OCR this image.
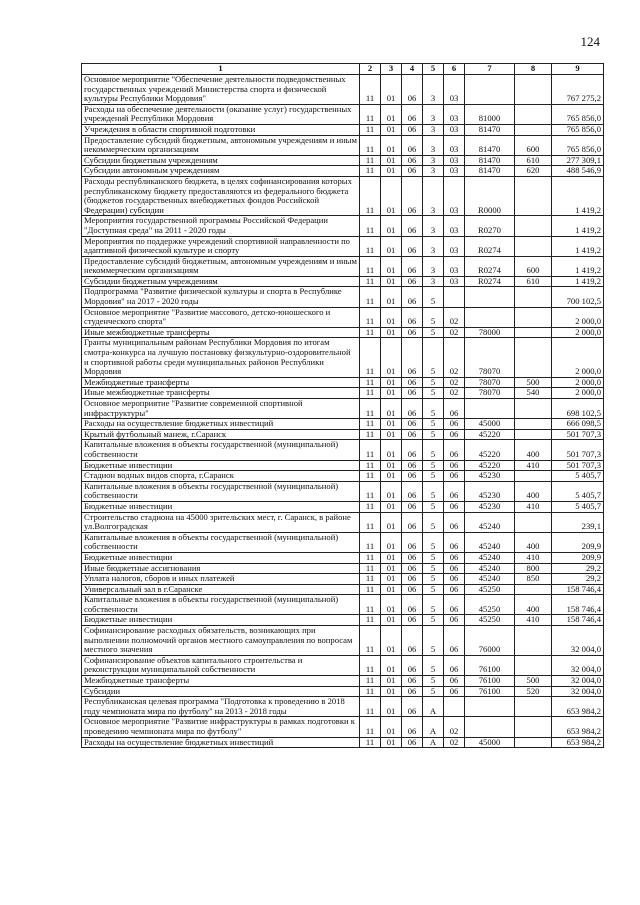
124
1	2	3	4	5	6	7	8	9
Основное мероприятие "Обеспечение деятельности подведомственных государственных учреждений Министерства спорта и физической культуры Республики Мордовия"	11	01	06	3	03			767 275,2
Расходы на обеспечение деятельности (оказание услуг) государственных учреждений Республики Мордовия	11	01	06	3	03	81000		765 856,0
Учреждения в области спортивной подготовки	11	01	06	3	03	81470		765 856,0
Предоставление субсидий бюджетным, автономным учреждениям и иным некоммерческим организациям	11	01	06	3	03	81470	600	765 856,0
Субсидии бюджетным учреждениям	11	01	06	3	03	81470	610	277 309,1
Субсидии автономным учреждениям	11	01	06	3	03	81470	620	488 546,9
Расходы республиканского бюджета, в целях софинансирования которых республиканскому бюджету предоставляются из федерального бюджета (бюджетов государственных внебюджетных фондов Российской Федерации) субсидии	11	01	06	3	03	R0000		1 419,2
Мероприятия государственной программы Российской Федерации "Доступная среда" на 2011 - 2020 годы	11	01	06	3	03	R0270		1 419,2
Мероприятия по поддержке учреждений спортивной направленности по адаптивной физической культуре и спорту	11	01	06	3	03	R0274		1 419,2
Предоставление субсидий бюджетным, автономным учреждениям и иным некоммерческим организациям	11	01	06	3	03	R0274	600	1 419,2
Субсидии бюджетным учреждениям	11	01	06	3	03	R0274	610	1 419,2
Подпрограмма "Развитие физической культуры и спорта в Республике Мордовия" на 2017 - 2020 годы	11	01	06	5				700 102,5
Основное мероприятие "Развитие массового, детско-юношеского и студенческого спорта"	11	01	06	5	02			2 000,0
Иные межбюджетные трансферты	11	01	06	5	02	78000		2 000,0
Гранты муниципальным районам Республики Мордовия по итогам смотра-конкурса на лучшую постановку физкультурно-оздоровительной и спортивной работы среди муниципальных районов Республики Мордовия	11	01	06	5	02	78070		2 000,0
Межбюджетные трансферты	11	01	06	5	02	78070	500	2 000,0
Иные межбюджетные трансферты	11	01	06	5	02	78070	540	2 000,0
Основное мероприятие "Развитие современной спортивной инфраструктуры"	11	01	06	5	06			698 102,5
Расходы на осуществление бюджетных инвестиций	11	01	06	5	06	45000		666 098,5
Крытый футбольный манеж, г.Саранск	11	01	06	5	06	45220		501 707,3
Капитальные вложения в объекты государственной (муниципальной) собственности	11	01	06	5	06	45220	400	501 707,3
Бюджетные инвестиции	11	01	06	5	06	45220	410	501 707,3
Стадион водных видов спорта, г.Саранск	11	01	06	5	06	45230		5 405,7
Капитальные вложения в объекты государственной (муниципальной) собственности	11	01	06	5	06	45230	400	5 405,7
Бюджетные инвестиции	11	01	06	5	06	45230	410	5 405,7
Строительство стадиона на 45000 зрительских мест, г. Саранск, в районе ул.Волгоградская	11	01	06	5	06	45240		239,1
Капитальные вложения в объекты государственной (муниципальной) собственности	11	01	06	5	06	45240	400	209,9
Бюджетные инвестиции	11	01	06	5	06	45240	410	209,9
Иные бюджетные ассигнования	11	01	06	5	06	45240	800	29,2
Уплата налогов, сборов и иных платежей	11	01	06	5	06	45240	850	29,2
Универсальный зал в г.Саранске	11	01	06	5	06	45250		158 746,4
Капитальные вложения в объекты государственной (муниципальной) собственности	11	01	06	5	06	45250	400	158 746,4
Бюджетные инвестиции	11	01	06	5	06	45250	410	158 746,4
Софинансирование расходных обязательств, возникающих при выполнении полномочий органов местного самоуправления по вопросам местного значения	11	01	06	5	06	76000		32 004,0
Софинансирование объектов капитального строительства и реконструкции муниципальной собственности	11	01	06	5	06	76100		32 004,0
Межбюджетные трансферты	11	01	06	5	06	76100	500	32 004,0
Субсидии	11	01	06	5	06	76100	520	32 004,0
Республиканская целевая программа "Подготовка к проведению в 2018 году чемпионата мира по футболу" на 2013 - 2018 годы	11	01	06	А				653 984,2
Основное мероприятие "Развитие инфраструктуры в рамках подготовки к проведению чемпионата мира по футболу"	11	01	06	А	02			653 984,2
Расходы на осуществление бюджетных инвестиций	11	01	06	А	02	45000		653 984,2
